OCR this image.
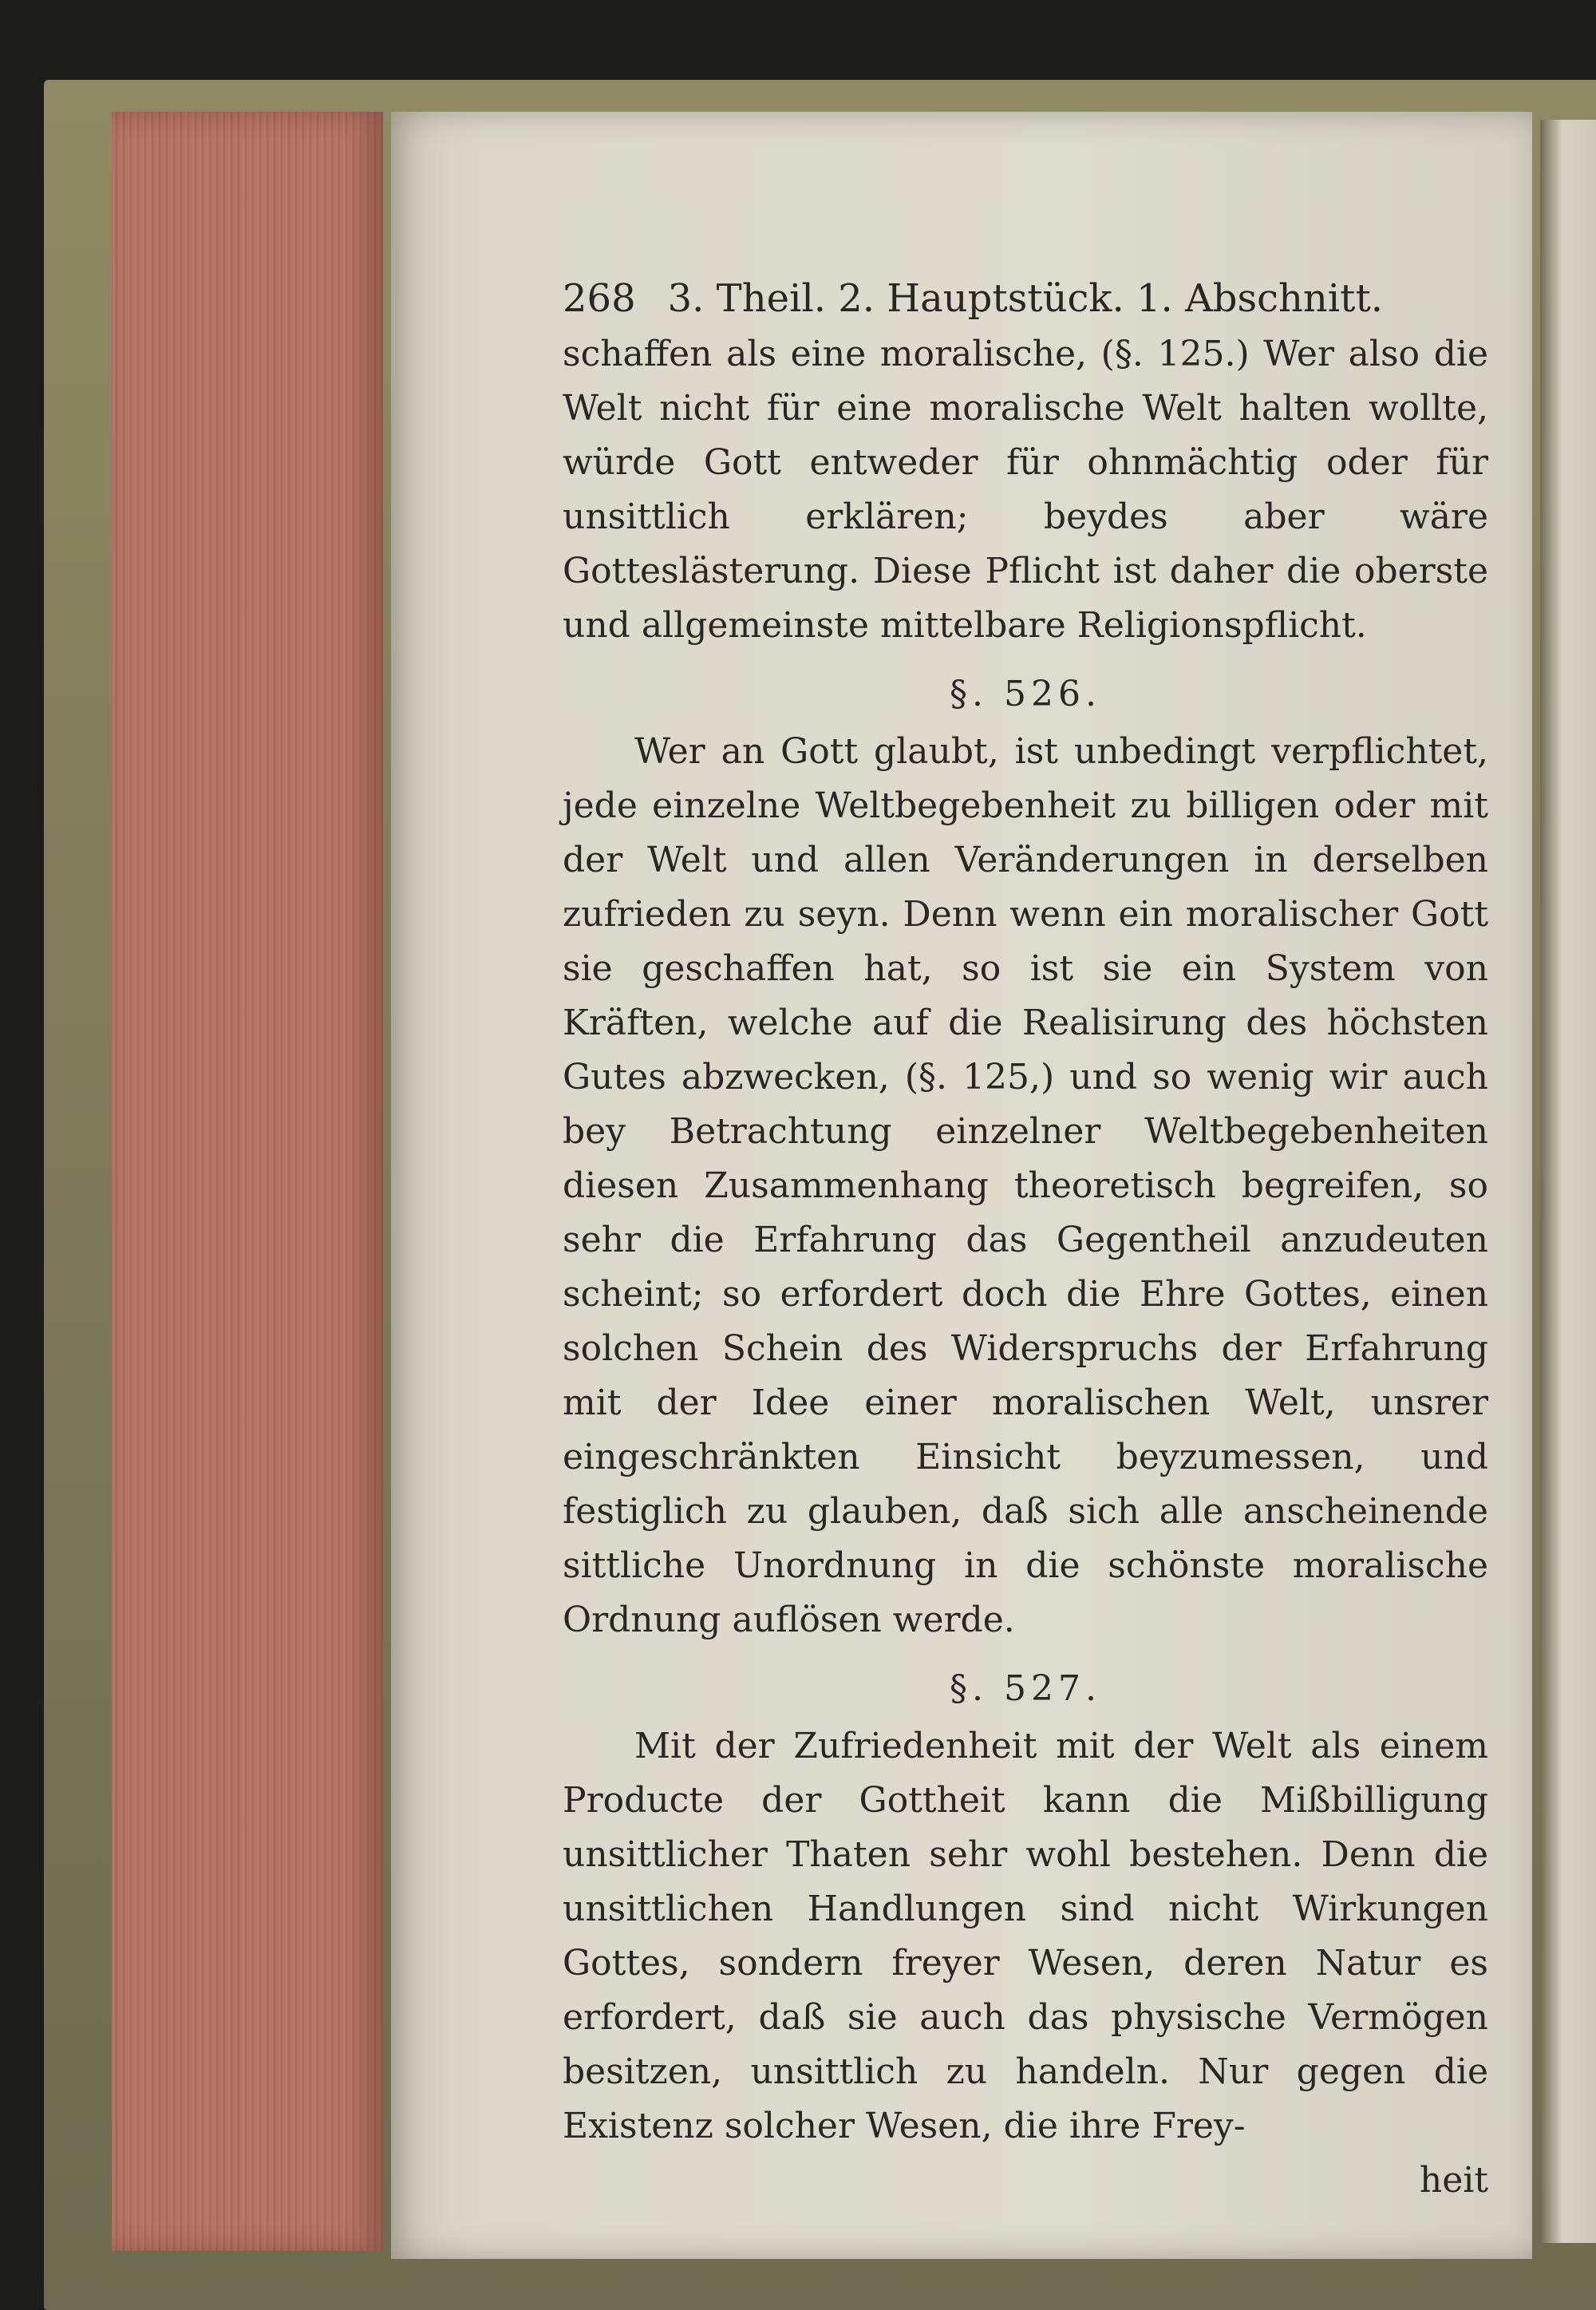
268 3. Theil. 2. Hauptstück. 1. Abschnitt.

schaffen als eine moralische, (§. 125.) Wer also die Welt nicht für eine moralische Welt halten wollte, würde Gott entweder für ohnmächtig oder für unsittlich erklären; beydes aber wäre Gotteslästerung. Diese Pflicht ist daher die oberste und allgemeinste mittelbare Religionspflicht.

§. 526.

Wer an Gott glaubt, ist unbedingt verpflichtet, jede einzelne Weltbegebenheit zu billigen oder mit der Welt und allen Veränderungen in derselben zufrieden zu seyn. Denn wenn ein moralischer Gott sie geschaffen hat, so ist sie ein System von Kräften, welche auf die Realisirung des höchsten Gutes abzwecken, (§. 125,) und so wenig wir auch bey Betrachtung einzelner Weltbegebenheiten diesen Zusammenhang theoretisch begreifen, so sehr die Erfahrung das Gegentheil anzudeuten scheint; so erfordert doch die Ehre Gottes, einen solchen Schein des Widerspruchs der Erfahrung mit der Idee einer moralischen Welt, unsrer eingeschränkten Einsicht beyzumessen, und festiglich zu glauben, daß sich alle anscheinende sittliche Unordnung in die schönste moralische Ordnung auflösen werde.

§. 527.

Mit der Zufriedenheit mit der Welt als einem Producte der Gottheit kann die Mißbilligung unsittlicher Thaten sehr wohl bestehen. Denn die unsittlichen Handlungen sind nicht Wirkungen Gottes, sondern freyer Wesen, deren Natur es erfordert, daß sie auch das physische Vermögen besitzen, unsittlich zu handeln. Nur gegen die Existenz solcher Wesen, die ihre Frey-

heit
